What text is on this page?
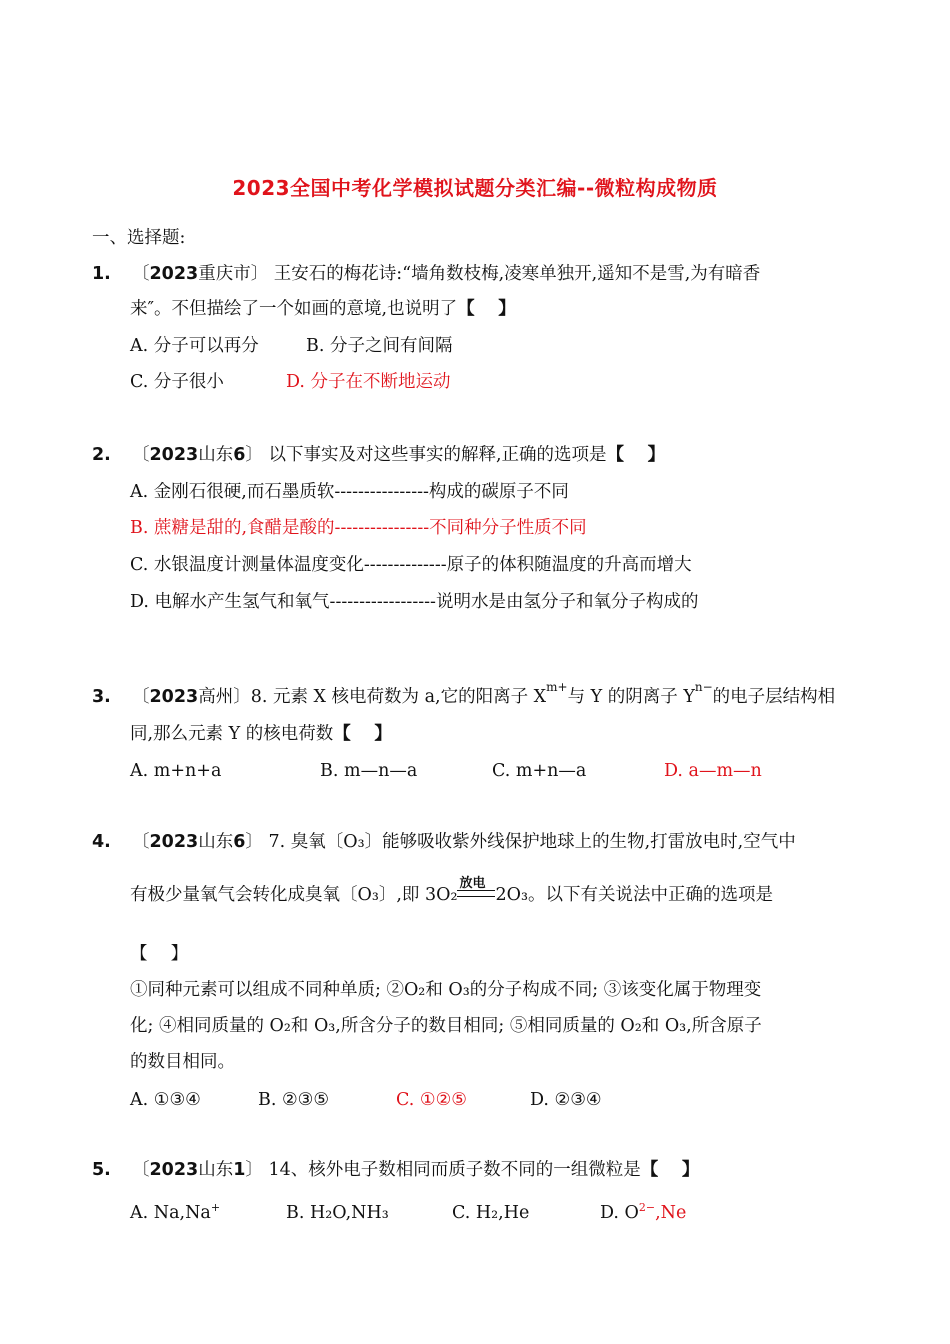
2023全国中考化学模拟试题分类汇编--微粒构成物质
一、选择题:
1. 〔2023重庆市〕 王安石的梅花诗:“墙角数枝梅,凌寒单独开,遥知不是雪,为有暗香
来″。不但描绘了一个如画的意境,也说明了【　 】
A. 分子可以再分	B. 分子之间有间隔
C. 分子很小	D. 分子在不断地运动
2. 〔2023山东6〕 以下事实及对这些事实的解释,正确的选项是【　 】
A. 金刚石很硬,而石墨质软----------------构成的碳原子不同
B. 蔗糖是甜的,食醋是酸的----------------不同种分子性质不同
C. 水银温度计测量体温度变化--------------原子的体积随温度的升高而增大
D. 电解水产生氢气和氧气------------------说明水是由氢分子和氧分子构成的
3. 〔2023高州〕8. 元素 X 核电荷数为 a,它的阳离子 $X^{m+}$与 Y 的阴离子 $Y^{n-}$的电子层结构相
同,那么元素 Y 的核电荷数【　 】
A. m+n+a	B. m—n—a	C. m+n—a	D. a—m—n
4. 〔2023山东6〕 7. 臭氧〔O₃〕能够吸收紫外线保护地球上的生物,打雷放电时,空气中
有极少量氧气会转化成臭氧〔O₃〕,即 3O₂
放电
2O₃。以下有关说法中正确的选项是
【　 】
①同种元素可以组成不同种单质; ②O₂和 O₃的分子构成不同; ③该变化属于物理变
化; ④相同质量的 O₂和 O₃,所含分子的数目相同; ⑤相同质量的 O₂和 O₃,所含原子
的数目相同。
A. ①③④	B. ②③⑤	C. ①②⑤	D. ②③④
5. 〔2023山东1〕 14、核外电子数相同而质子数不同的一组微粒是【　 】
A. Na,Na+	B. H₂O,NH₃	C. H₂,He	D. $O^{2-},Ne$
